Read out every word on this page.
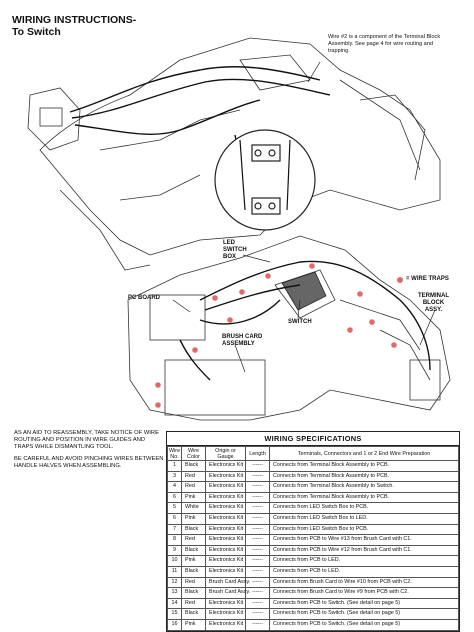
WIRING INSTRUCTIONS-
To Switch	Wire #2 is a component of the Terminal Block Assembly. See page 4 for wire routing and trapping.
LED
SWITCH
BOX
= WIRE TRAPS
TERMINAL
BLOCK
ASSY.
PC BOARD
SWITCH
BRUSH CARD
ASSEMBLY

AS AN AID TO REASSEMBLY, TAKE NOTICE OF WIRE ROUTING AND POSITION IN WIRE GUIDES AND TRAPS WHILE DISMANTLING TOOL.

BE CAREFUL AND AVOID PINCHING WIRES BETWEEN HANDLE HALVES WHEN ASSEMBLING.

WIRING SPECIFICATIONS
Wire No.	Wire Color	Origin or Gauge	Length	Terminals, Connectors and 1 or 2 End Wire Preparation
1	Black	Electronics Kit	------	Connects from Terminal Block Assembly to PCB.
3	Red	Electronics Kit	------	Connects from Terminal Block Assembly to PCB.
4	Red	Electronics Kit	------	Connects from Terminal Block Assembly to Switch.
6	Pink	Electronics Kit	------	Connects from Terminal Block Assembly to PCB.
5	White	Electronics Kit	------	Connects from LED Switch Box to PCB.
6	Pink	Electronics Kit	------	Connects from LED Switch Box to LED.
7	Black	Electronics Kit	------	Connects from LED Switch Box to PCB.
8	Red	Electronics Kit	------	Connects from PCB to Wire #13 from Brush Card with C1.
9	Black	Electronics Kit	------	Connects from PCB to Wire #12 from Brush Card with C1.
10	Pink	Electronics Kit	------	Connects from PCB to LED.
11	Black	Electronics Kit	------	Connects from PCB to LED.
12	Red	Brush Card Assy.	------	Connects from Brush Card to Wire #10 from PCB with C2.
13	Black	Brush Card Assy.	------	Connects from Brush Card to Wire #9 from PCB with C2.
14	Red	Electronics Kit	------	Connects from PCB to Switch. (See detail on page 5)
15	Black	Electronics Kit	------	Connects from PCB to Switch. (See detail on page 5)
16	Pink	Electronics Kit	------	Connects from PCB to Switch. (See detail on page 5)
